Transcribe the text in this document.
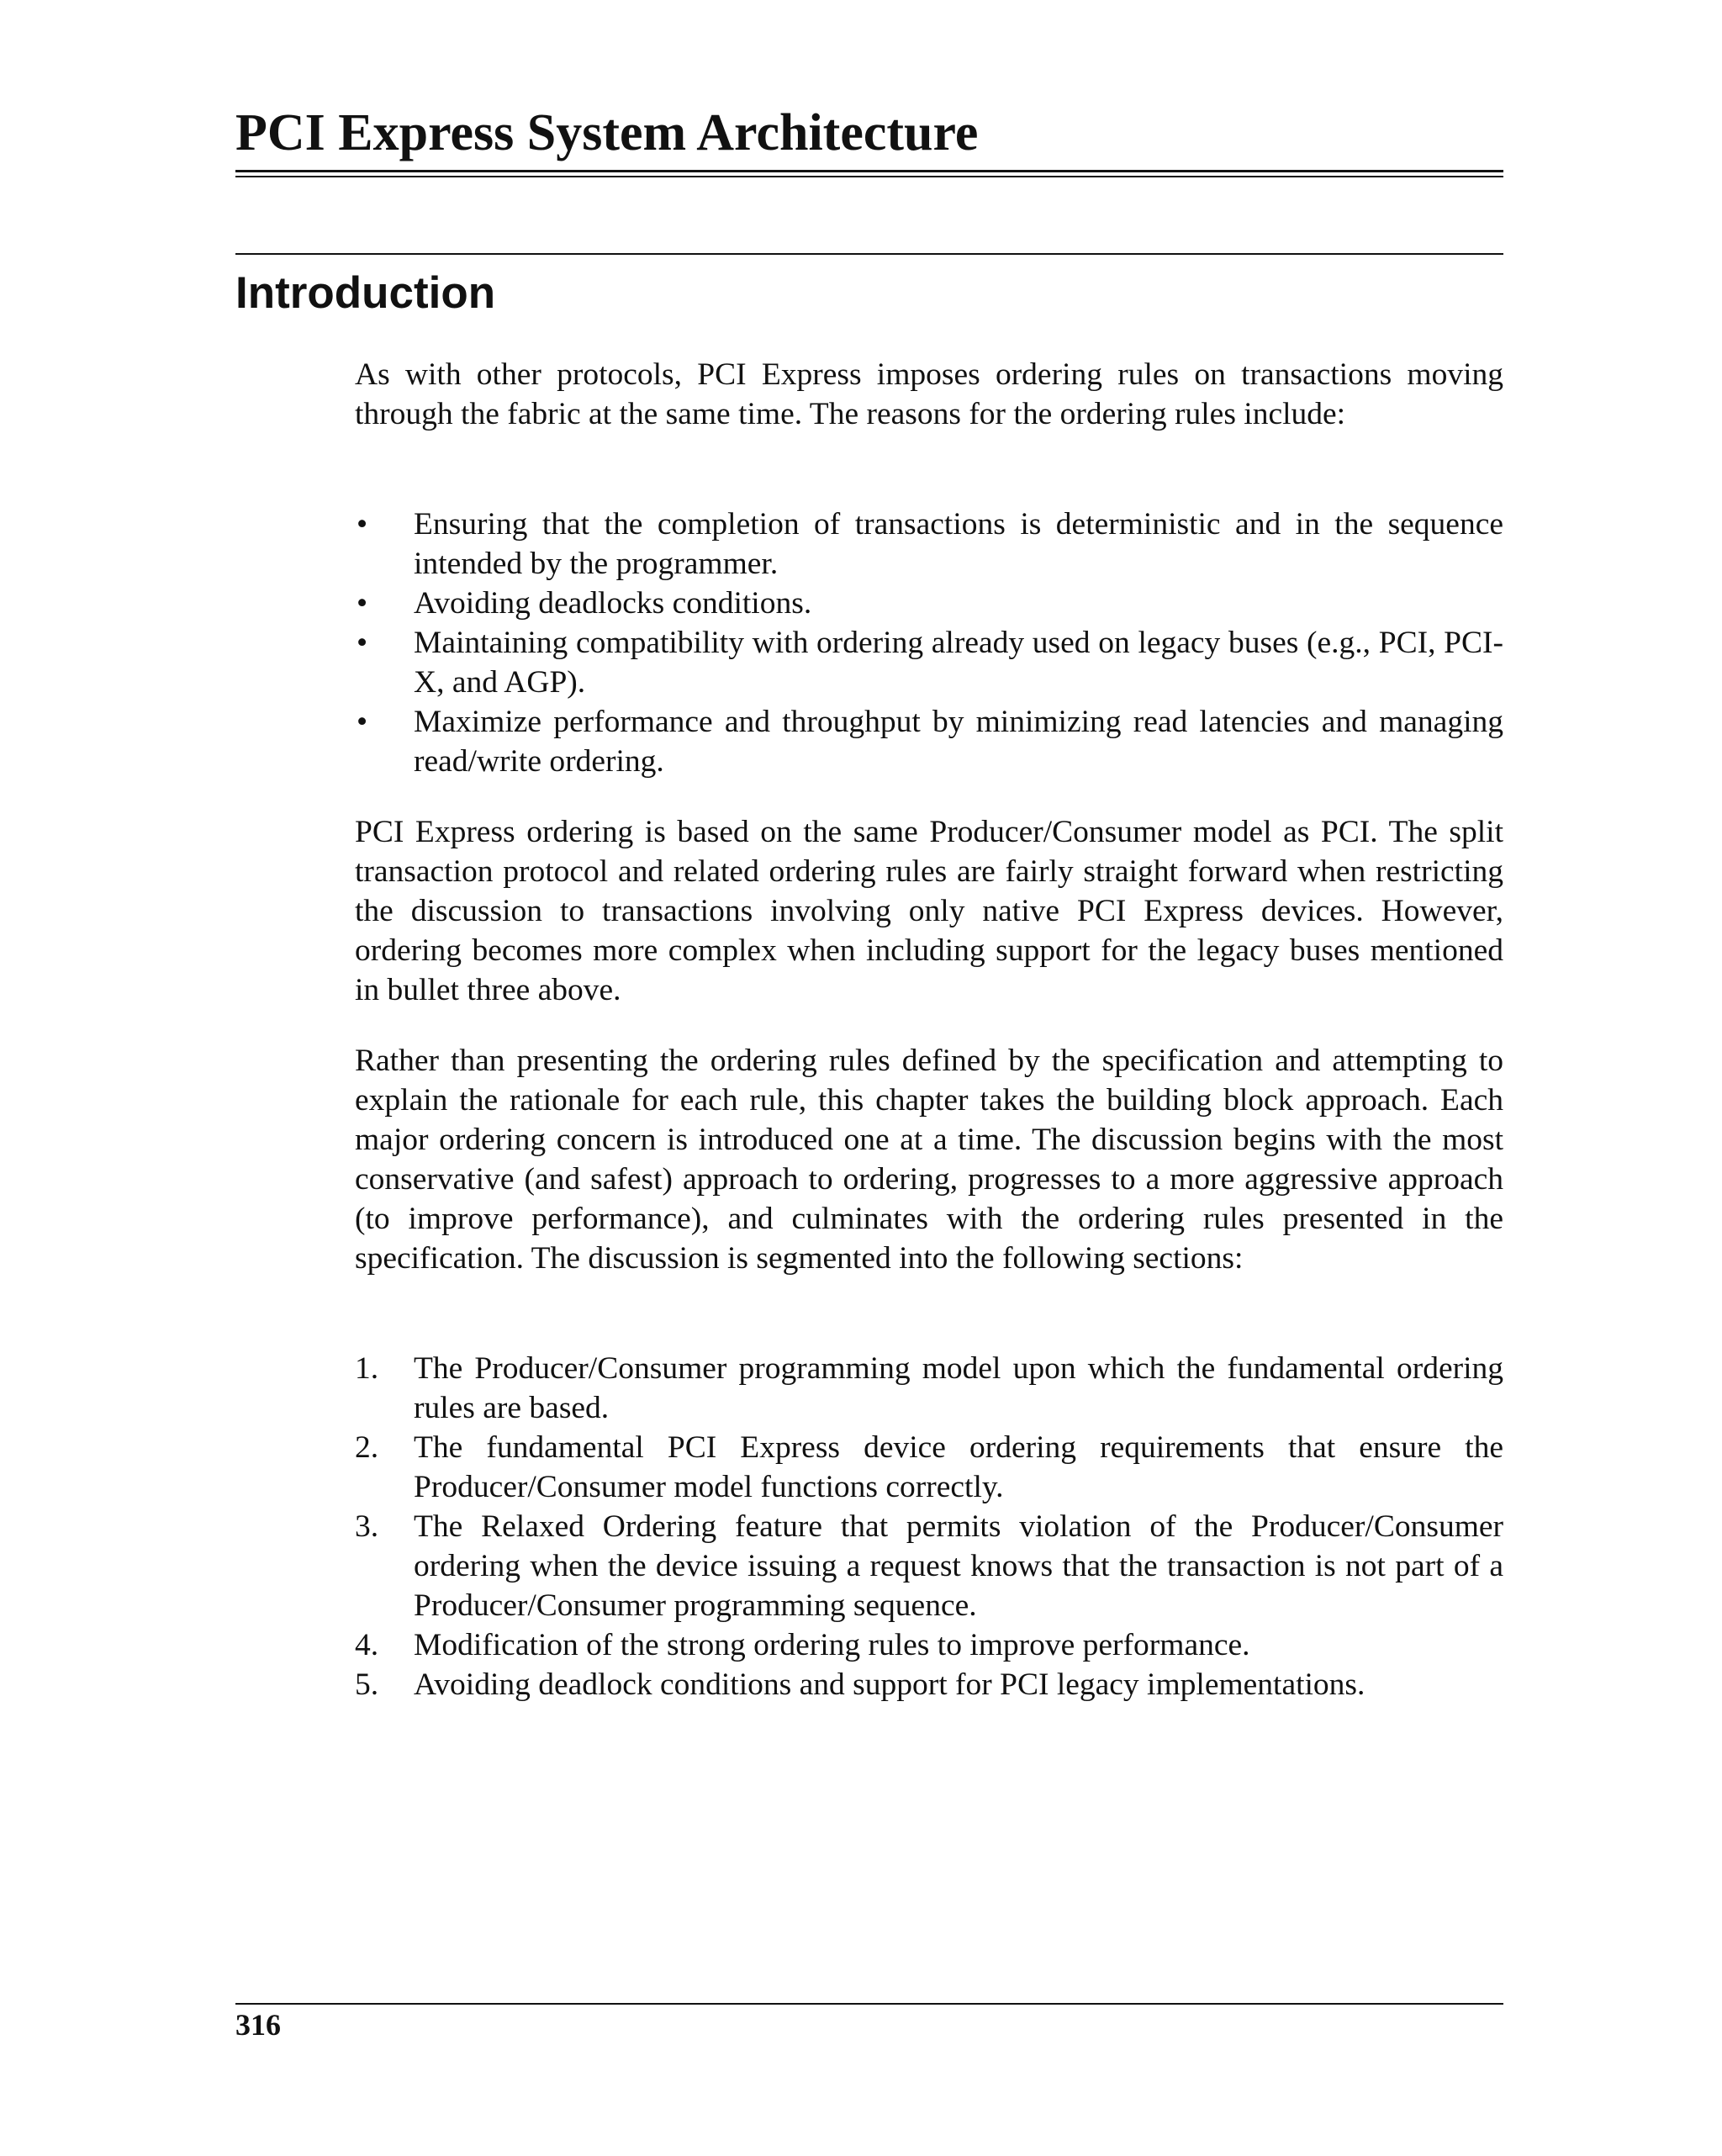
PCI Express System Architecture
Introduction

As with other protocols, PCI Express imposes ordering rules on transactions moving through the fabric at the same time. The reasons for the ordering rules include:

• Ensuring that the completion of transactions is deterministic and in the sequence intended by the programmer.
• Avoiding deadlocks conditions.
• Maintaining compatibility with ordering already used on legacy buses (e.g., PCI, PCI-X, and AGP).
• Maximize performance and throughput by minimizing read latencies and managing read/write ordering.

PCI Express ordering is based on the same Producer/Consumer model as PCI. The split transaction protocol and related ordering rules are fairly straight forward when restricting the discussion to transactions involving only native PCI Express devices. However, ordering becomes more complex when including support for the legacy buses mentioned in bullet three above.

Rather than presenting the ordering rules defined by the specification and attempting to explain the rationale for each rule, this chapter takes the building block approach. Each major ordering concern is introduced one at a time. The discussion begins with the most conservative (and safest) approach to ordering, progresses to a more aggressive approach (to improve performance), and culminates with the ordering rules presented in the specification. The discussion is segmented into the following sections:

1. The Producer/Consumer programming model upon which the fundamental ordering rules are based.
2. The fundamental PCI Express device ordering requirements that ensure the Producer/Consumer model functions correctly.
3. The Relaxed Ordering feature that permits violation of the Producer/Consumer ordering when the device issuing a request knows that the transaction is not part of a Producer/Consumer programming sequence.
4. Modification of the strong ordering rules to improve performance.
5. Avoiding deadlock conditions and support for PCI legacy implementations.
316
